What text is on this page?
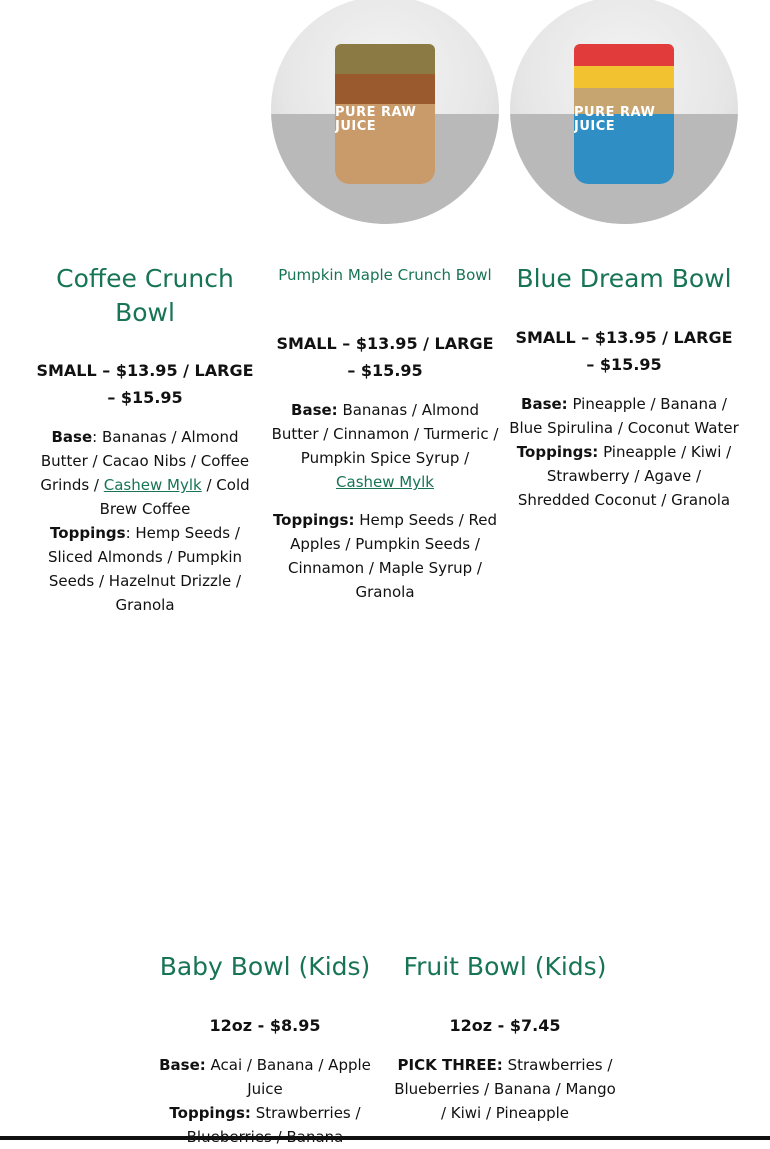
Coffee Crunch Bowl

SMALL – $13.95 / LARGE – $15.95

Base: Bananas / Almond Butter / Cacao Nibs / Coffee Grinds / Cashew Mylk / Cold Brew Coffee
Toppings: Hemp Seeds / Sliced Almonds / Pumpkin Seeds / Hazelnut Drizzle / Granola

PURE RAW JUICE
Pumpkin Maple Crunch Bowl

SMALL – $13.95 / LARGE – $15.95

Base: Bananas / Almond Butter / Cinnamon / Turmeric / Pumpkin Spice Syrup / Cashew Mylk

Toppings: Hemp Seeds / Red Apples / Pumpkin Seeds / Cinnamon / Maple Syrup / Granola

PURE RAW JUICE
Blue Dream Bowl

SMALL – $13.95 / LARGE – $15.95

Base: Pineapple / Banana / Blue Spirulina / Coconut Water
Toppings: Pineapple / Kiwi / Strawberry / Agave / Shredded Coconut / Granola

Baby Bowl (Kids)

12oz - $8.95

Base: Acai / Banana / Apple Juice
Toppings: Strawberries /

Fruit Bowl (Kids)

12oz - $7.45

PICK THREE: Strawberries / Blueberries / Banana / Mango / Kiwi / Pineapple
